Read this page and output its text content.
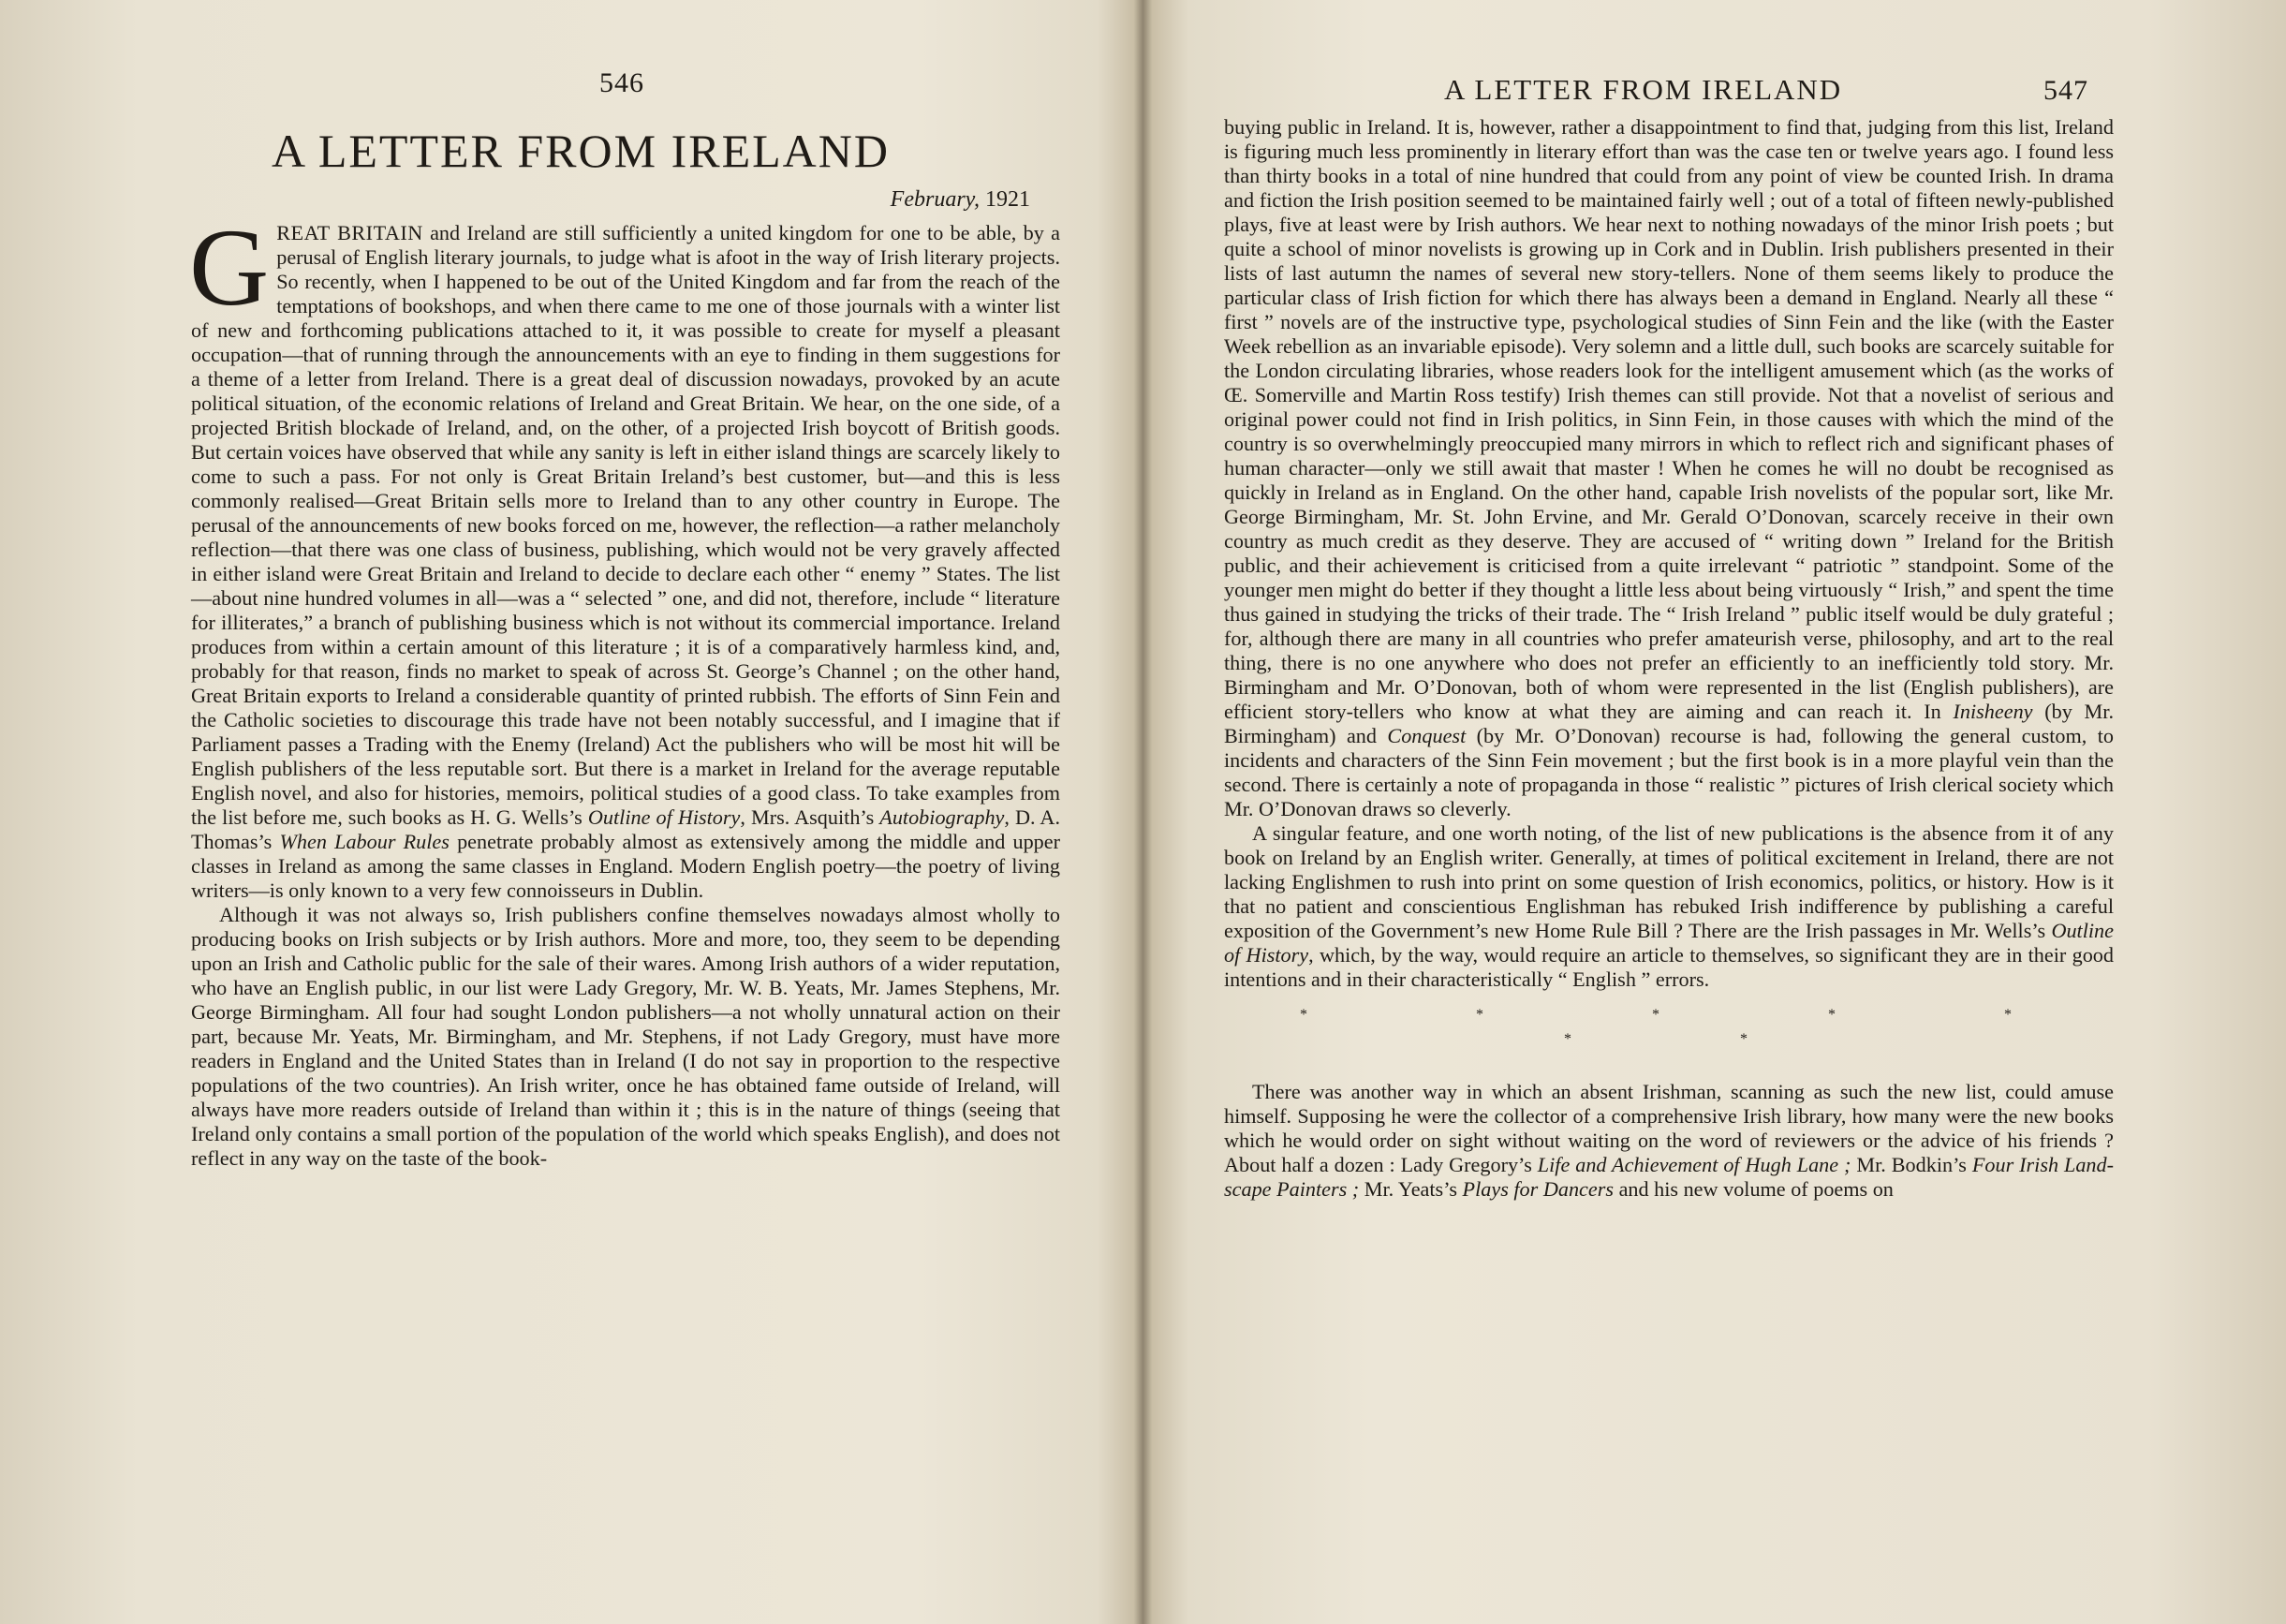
546
A LETTER FROM IRELAND
February, 1921

GREAT BRITAIN and Ireland are still sufficiently a united kingdom for one to be able, by a perusal of English literary journals, to judge what is afoot in the way of Irish literary projects. So recently, when I happened to be out of the United Kingdom and far from the reach of the temptations of bookshops, and when there came to me one of those journals with a winter list of new and forthcoming publications attached to it, it was possible to create for myself a pleasant occupation—that of running through the announcements with an eye to finding in them suggestions for a theme of a letter from Ireland. There is a great deal of discussion nowadays, provoked by an acute political situation, of the economic relations of Ireland and Great Britain. We hear, on the one side, of a projected British blockade of Ireland, and, on the other, of a projected Irish boycott of British goods. But certain voices have observed that while any sanity is left in either island things are scarcely likely to come to such a pass. For not only is Great Britain Ireland’s best customer, but—and this is less commonly realised—Great Britain sells more to Ireland than to any other country in Europe. The perusal of the announcements of new books forced on me, however, the reflection—a rather melancholy reflection—that there was one class of business, publishing, which would not be very gravely affected in either island were Great Britain and Ireland to decide to declare each other “ enemy ” States. The list—about nine hundred volumes in all—was a “ selected ” one, and did not, therefore, include “ literature for illiterates,” a branch of publishing business which is not without its commercial importance. Ireland produces from within a certain amount of this literature ; it is of a comparatively harmless kind, and, probably for that reason, finds no market to speak of across St. George’s Channel ; on the other hand, Great Britain exports to Ireland a considerable quantity of printed rubbish. The efforts of Sinn Fein and the Catholic societies to discourage this trade have not been notably successful, and I imagine that if Parliament passes a Trading with the Enemy (Ireland) Act the publishers who will be most hit will be English publishers of the less reputable sort. But there is a market in Ireland for the average reputable English novel, and also for histories, memoirs, political studies of a good class. To take examples from the list before me, such books as H. G. Wells’s Outline of History, Mrs. Asquith’s Autobiography, D. A. Thomas’s When Labour Rules penetrate probably almost as extensively among the middle and upper classes in Ireland as among the same classes in England. Modern English poetry—the poetry of living writers—is only known to a very few connoisseurs in Dublin.

Although it was not always so, Irish publishers confine themselves nowadays almost wholly to producing books on Irish subjects or by Irish authors. More and more, too, they seem to be depending upon an Irish and Catholic public for the sale of their wares. Among Irish authors of a wider reputation, who have an English public, in our list were Lady Gregory, Mr. W. B. Yeats, Mr. James Stephens, Mr. George Birmingham. All four had sought London publishers—a not wholly unnatural action on their part, because Mr. Yeats, Mr. Birmingham, and Mr. Stephens, if not Lady Gregory, must have more readers in England and the United States than in Ireland (I do not say in proportion to the respective populations of the two countries). An Irish writer, once he has obtained fame outside of Ireland, will always have more readers outside of Ireland than within it ; this is in the nature of things (seeing that Ireland only contains a small portion of the population of the world which speaks English), and does not reflect in any way on the taste of the book-

A LETTER FROM IRELAND	547

buying public in Ireland. It is, however, rather a disappointment to find that, judging from this list, Ireland is figuring much less prominently in literary effort than was the case ten or twelve years ago. I found less than thirty books in a total of nine hundred that could from any point of view be counted Irish. In drama and fiction the Irish position seemed to be maintained fairly well ; out of a total of fifteen newly-published plays, five at least were by Irish authors. We hear next to nothing nowadays of the minor Irish poets ; but quite a school of minor novelists is growing up in Cork and in Dublin. Irish publishers presented in their lists of last autumn the names of several new story-tellers. None of them seems likely to produce the particular class of Irish fiction for which there has always been a demand in England. Nearly all these “ first ” novels are of the instructive type, psychological studies of Sinn Fein and the like (with the Easter Week rebellion as an invariable episode). Very solemn and a little dull, such books are scarcely suitable for the London circulating libraries, whose readers look for the intelligent amusement which (as the works of Œ. Somerville and Martin Ross testify) Irish themes can still provide. Not that a novelist of serious and original power could not find in Irish politics, in Sinn Fein, in those causes with which the mind of the country is so overwhelmingly preoccupied many mirrors in which to reflect rich and significant phases of human character—only we still await that master ! When he comes he will no doubt be recognised as quickly in Ireland as in England. On the other hand, capable Irish novelists of the popular sort, like Mr. George Birmingham, Mr. St. John Ervine, and Mr. Gerald O’Donovan, scarcely receive in their own country as much credit as they deserve. They are accused of “ writing down ” Ireland for the British public, and their achievement is criticised from a quite irrelevant “ patriotic ” standpoint. Some of the younger men might do better if they thought a little less about being virtuously “ Irish,” and spent the time thus gained in studying the tricks of their trade. The “ Irish Ireland ” public itself would be duly grateful ; for, although there are many in all countries who prefer amateurish verse, philosophy, and art to the real thing, there is no one anywhere who does not prefer an efficiently to an inefficiently told story. Mr. Birmingham and Mr. O’Donovan, both of whom were represented in the list (English publishers), are efficient story-tellers who know at what they are aiming and can reach it. In Inisheeny (by Mr. Birmingham) and Conquest (by Mr. O’Donovan) recourse is had, following the general custom, to incidents and characters of the Sinn Fein movement ; but the first book is in a more playful vein than the second. There is certainly a note of propaganda in those “ realistic ” pictures of Irish clerical society which Mr. O’Donovan draws so cleverly.

A singular feature, and one worth noting, of the list of new publications is the absence from it of any book on Ireland by an English writer. Generally, at times of political excitement in Ireland, there are not lacking Englishmen to rush into print on some question of Irish economics, politics, or history. How is it that no patient and conscientious Englishman has rebuked Irish indifference by publishing a careful exposition of the Government’s new Home Rule Bill ? There are the Irish passages in Mr. Wells’s Outline of History, which, by the way, would require an article to themselves, so significant they are in their good intentions and in their characteristically “ English ” errors.

* * * * * * *

There was another way in which an absent Irishman, scanning as such the new list, could amuse himself. Supposing he were the collector of a comprehensive Irish library, how many were the new books which he would order on sight without waiting on the word of reviewers or the advice of his friends ? About half a dozen : Lady Gregory’s Life and Achievement of Hugh Lane ; Mr. Bodkin’s Four Irish Land-scape Painters ; Mr. Yeats’s Plays for Dancers and his new volume of poems on
